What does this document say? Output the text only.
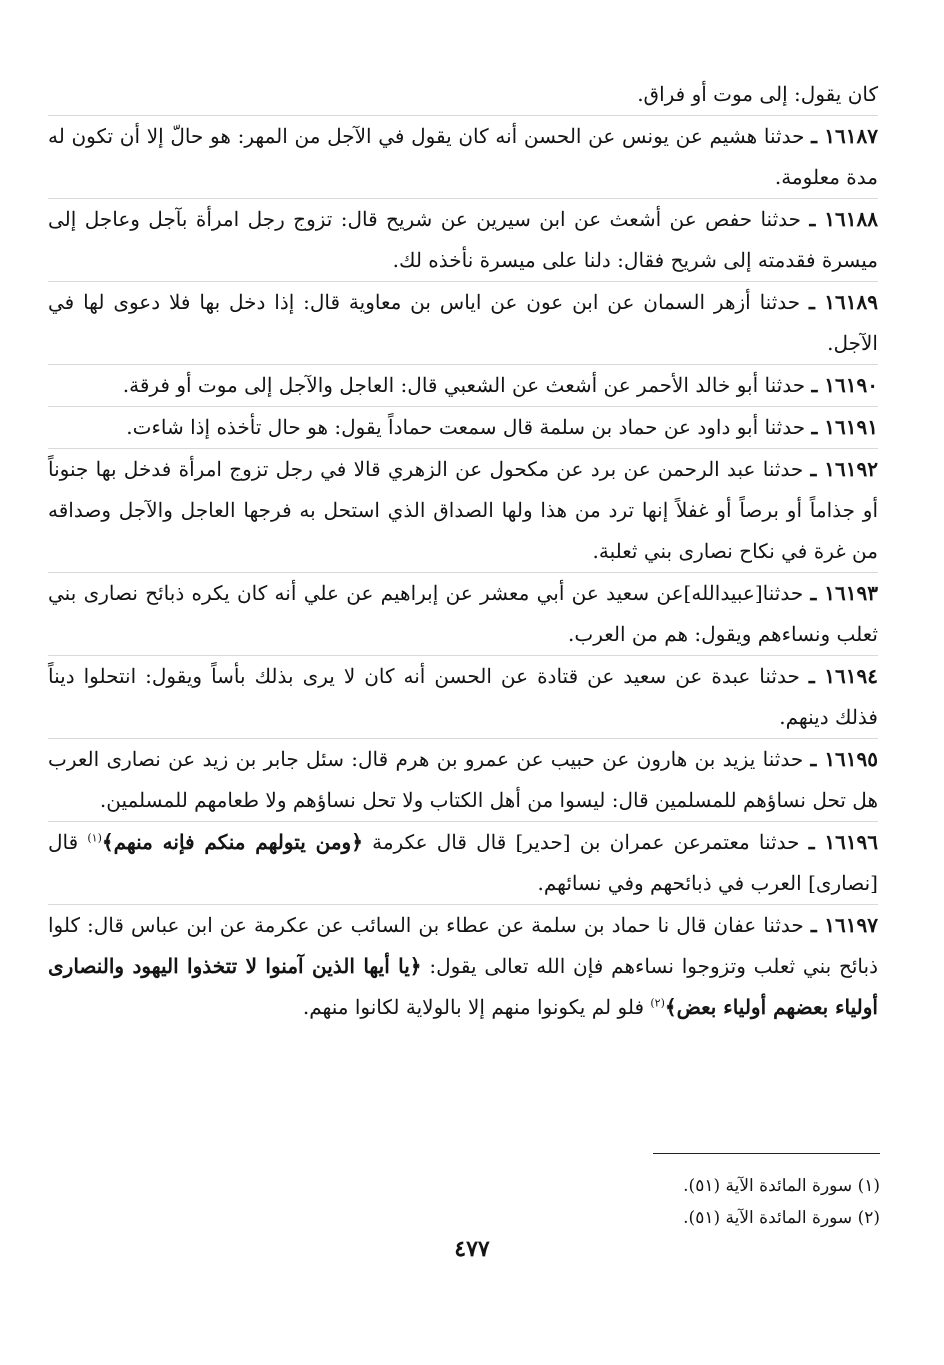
كان يقول: إلى موت أو فراق.

١٦١٨٧ ـ حدثنا هشيم عن يونس عن الحسن أنه كان يقول في الآجل من المهر: هو حالّ إلا أن تكون له مدة معلومة.

١٦١٨٨ ـ حدثنا حفص عن أشعث عن ابن سيرين عن شريح قال: تزوج رجل امرأة بآجل وعاجل إلى ميسرة فقدمته إلى شريح فقال: دلنا على ميسرة نأخذه لك.

١٦١٨٩ ـ حدثنا أزهر السمان عن ابن عون عن اياس بن معاوية قال: إذا دخل بها فلا دعوى لها في الآجل.

١٦١٩٠ ـ حدثنا أبو خالد الأحمر عن أشعث عن الشعبي قال: العاجل والآجل إلى موت أو فرقة.

١٦١٩١ ـ حدثنا أبو داود عن حماد بن سلمة قال سمعت حماداً يقول: هو حال تأخذه إذا شاءت.

١٦١٩٢ ـ حدثنا عبد الرحمن عن برد عن مكحول عن الزهري قالا في رجل تزوج امرأة فدخل بها جنوناً أو جذاماً أو برصاً أو غفلاً إنها ترد من هذا ولها الصداق الذي استحل به فرجها العاجل والآجل وصداقه من غرة في نكاح نصارى بني ثعلبة.

١٦١٩٣ ـ حدثنا[عبيدالله]عن سعيد عن أبي معشر عن إبراهيم عن علي أنه كان يكره ذبائح نصارى بني ثعلب ونساءهم ويقول: هم من العرب.

١٦١٩٤ ـ حدثنا عبدة عن سعيد عن قتادة عن الحسن أنه كان لا يرى بذلك بأساً ويقول: انتحلوا ديناً فذلك دينهم.

١٦١٩٥ ـ حدثنا يزيد بن هارون عن حبيب عن عمرو بن هرم قال: سئل جابر بن زيد عن نصارى العرب هل تحل نساؤهم للمسلمين قال: ليسوا من أهل الكتاب ولا تحل نساؤهم ولا طعامهم للمسلمين.

١٦١٩٦ ـ حدثنا معتمرعن عمران بن [حدير] قال قال عكرمة ﴿ومن يتولهم منكم فإنه منهم﴾$^{(١)}$ قال [نصارى] العرب في ذبائحهم وفي نسائهم.

١٦١٩٧ ـ حدثنا عفان قال نا حماد بن سلمة عن عطاء بن السائب عن عكرمة عن ابن عباس قال: كلوا ذبائح بني ثعلب وتزوجوا نساءهم فإن الله تعالى يقول: ﴿يا أيها الذين آمنوا لا تتخذوا اليهود والنصارى أولياء بعضهم أولياء بعض﴾$^{(٢)}$ فلو لم يكونوا منهم إلا بالولاية لكانوا منهم.

(١) سورة المائدة الآية (٥١).
(٢) سورة المائدة الآية (٥١).
٤٧٧
